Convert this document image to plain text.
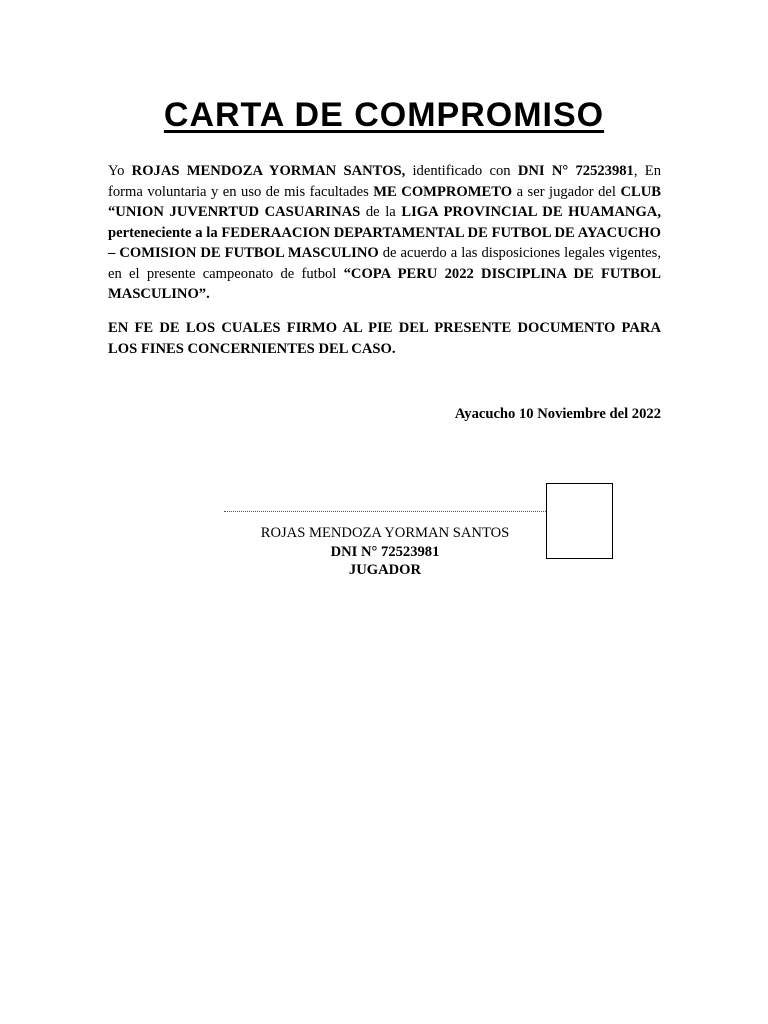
CARTA DE COMPROMISO

Yo ROJAS MENDOZA YORMAN SANTOS, identificado con DNI N° 72523981, En forma voluntaria y en uso de mis facultades ME COMPROMETO a ser jugador del CLUB “UNION JUVENRTUD CASUARINAS de la LIGA PROVINCIAL DE HUAMANGA, perteneciente a la FEDERAACION DEPARTAMENTAL DE FUTBOL DE AYACUCHO – COMISION DE FUTBOL MASCULINO de acuerdo a las disposiciones legales vigentes, en el presente campeonato de futbol “COPA PERU 2022 DISCIPLINA DE FUTBOL MASCULINO”.

EN FE DE LOS CUALES FIRMO AL PIE DEL PRESENTE DOCUMENTO PARA LOS FINES CONCERNIENTES DEL CASO.

Ayacucho 10 Noviembre del 2022

ROJAS MENDOZA YORMAN SANTOS
DNI N° 72523981
JUGADOR
